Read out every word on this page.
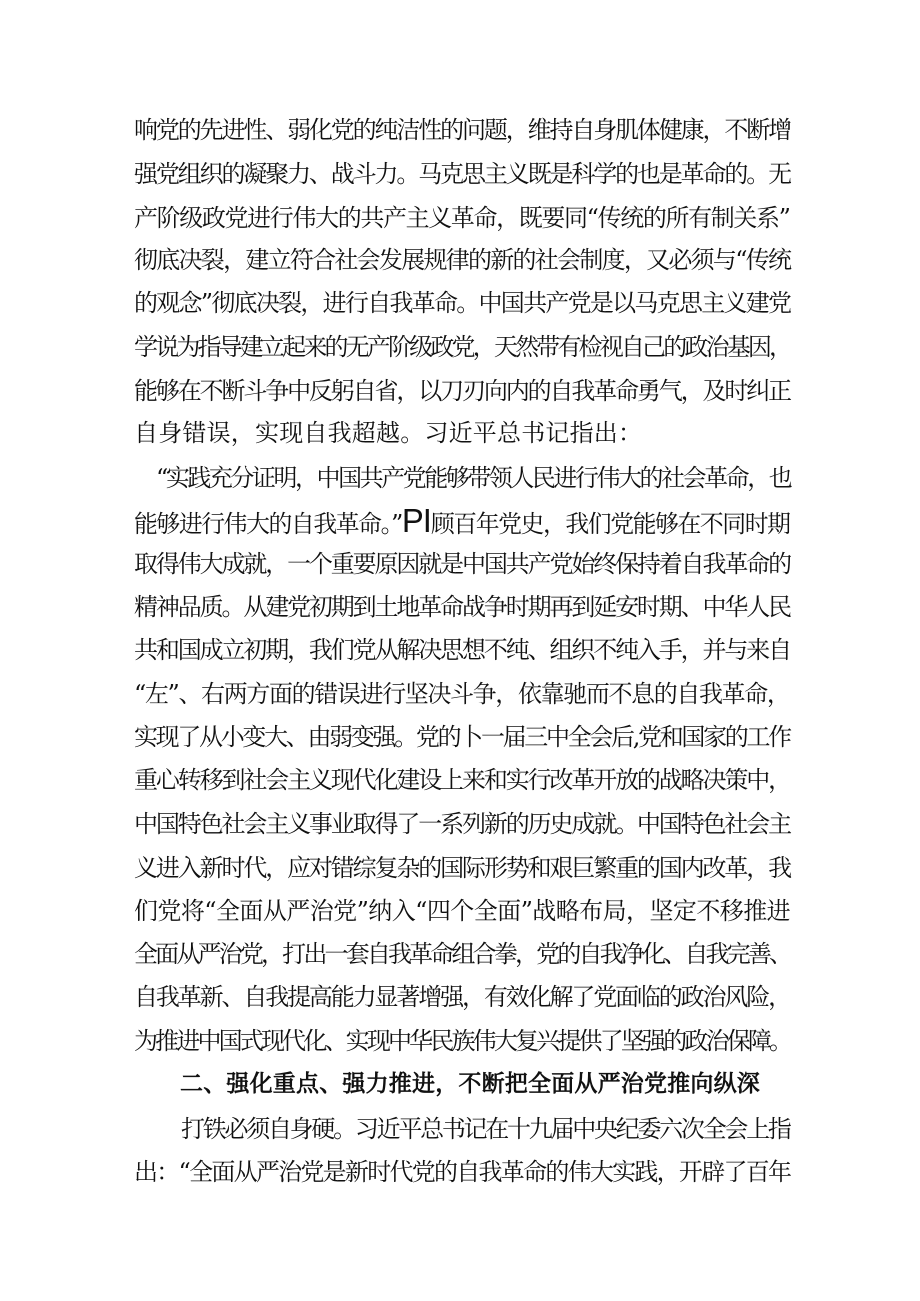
响党的先进性、弱化党的纯洁性的问题，维持自身肌体健康，不断增
强党组织的凝聚力、战斗力。马克思主义既是科学的也是革命的。无
产阶级政党进行伟大的共产主义革命，既要同“传统的所有制关系”
彻底决裂，建立符合社会发展规律的新的社会制度，又必须与“传统
的观念”彻底决裂，进行自我革命。中国共产党是以马克思主义建党
学说为指导建立起来的无产阶级政党，天然带有检视自己的政治基因，
能够在不断斗争中反躬自省，以刀刃向内的自我革命勇气，及时纠正
自身错误，实现自我超越。习近平总书记指出：
“实践充分证明，中国共产党能够带领人民进行伟大的社会革命，也
能够进行伟大的自我革命。”PI顾百年党史，我们党能够在不同时期
取得伟大成就，一个重要原因就是中国共产党始终保持着自我革命的
精神品质。从建党初期到土地革命战争时期再到延安时期、中华人民
共和国成立初期，我们党从解决思想不纯、组织不纯入手，并与来自
“左”、右两方面的错误进行坚决斗争，依靠驰而不息的自我革命，
实现了从小变大、由弱变强。党的卜一届三中全会后,党和国家的工作
重心转移到社会主义现代化建设上来和实行改革开放的战略决策中，
中国特色社会主义事业取得了一系列新的历史成就。中国特色社会主
义进入新时代，应对错综复杂的国际形势和艰巨繁重的国内改革，我
们党将“全面从严治党”纳入“四个全面”战略布局，坚定不移推进
全面从严治党，打出一套自我革命组合拳，党的自我净化、自我完善、
自我革新、自我提高能力显著增强，有效化解了党面临的政治风险，
为推进中国式现代化、实现中华民族伟大复兴提供了坚强的政治保障。
二、强化重点、强力推进，不断把全面从严治党推向纵深
打铁必须自身硬。习近平总书记在十九届中央纪委六次全会上指
出：“全面从严治党是新时代党的自我革命的伟大实践，开辟了百年
